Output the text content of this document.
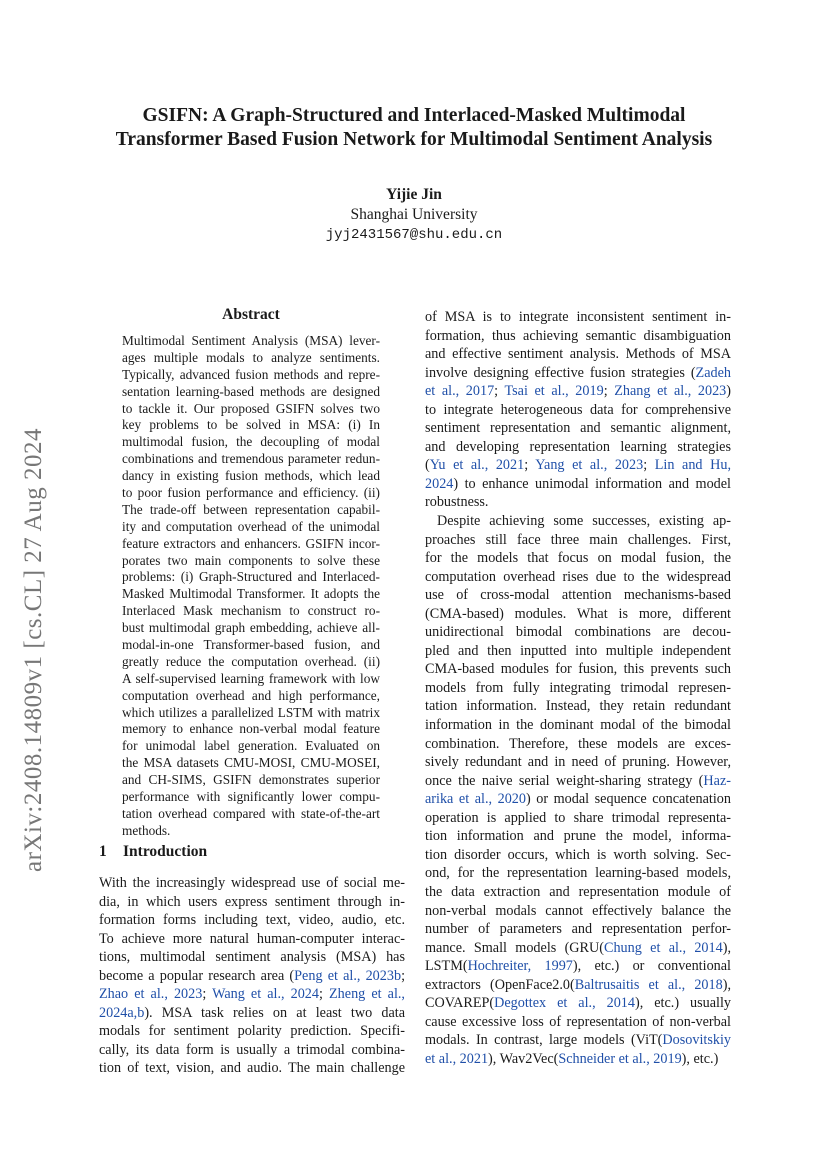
GSIFN: A Graph-Structured and Interlaced-Masked Multimodal
Transformer Based Fusion Network for Multimodal Sentiment Analysis
Yijie Jin
Shanghai University
jyj2431567@shu.edu.cn
arXiv:2408.14809v1 [cs.CL] 27 Aug 2024
Abstract
Multimodal Sentiment Analysis (MSA) lever-
ages multiple modals to analyze sentiments.
Typically, advanced fusion methods and repre-
sentation learning-based methods are designed
to tackle it. Our proposed GSIFN solves two
key problems to be solved in MSA: (i) In
multimodal fusion, the decoupling of modal
combinations and tremendous parameter redun-
dancy in existing fusion methods, which lead
to poor fusion performance and efficiency. (ii)
The trade-off between representation capabil-
ity and computation overhead of the unimodal
feature extractors and enhancers. GSIFN incor-
porates two main components to solve these
problems: (i) Graph-Structured and Interlaced-
Masked Multimodal Transformer. It adopts the
Interlaced Mask mechanism to construct ro-
bust multimodal graph embedding, achieve all-
modal-in-one Transformer-based fusion, and
greatly reduce the computation overhead. (ii)
A self-supervised learning framework with low
computation overhead and high performance,
which utilizes a parallelized LSTM with matrix
memory to enhance non-verbal modal feature
for unimodal label generation. Evaluated on
the MSA datasets CMU-MOSI, CMU-MOSEI,
and CH-SIMS, GSIFN demonstrates superior
performance with significantly lower compu-
tation overhead compared with state-of-the-art
methods.
1 Introduction
With the increasingly widespread use of social me-
dia, in which users express sentiment through in-
formation forms including text, video, audio, etc.
To achieve more natural human-computer interac-
tions, multimodal sentiment analysis (MSA) has
become a popular research area (Peng et al., 2023b;
Zhao et al., 2023; Wang et al., 2024; Zheng et al.,
2024a,b). MSA task relies on at least two data
modals for sentiment polarity prediction. Specifi-
cally, its data form is usually a trimodal combina-
tion of text, vision, and audio. The main challenge
of MSA is to integrate inconsistent sentiment in-
formation, thus achieving semantic disambiguation
and effective sentiment analysis. Methods of MSA
involve designing effective fusion strategies (Zadeh
et al., 2017; Tsai et al., 2019; Zhang et al., 2023)
to integrate heterogeneous data for comprehensive
sentiment representation and semantic alignment,
and developing representation learning strategies
(Yu et al., 2021; Yang et al., 2023; Lin and Hu,
2024) to enhance unimodal information and model
robustness.
Despite achieving some successes, existing ap-
proaches still face three main challenges. First,
for the models that focus on modal fusion, the
computation overhead rises due to the widespread
use of cross-modal attention mechanisms-based
(CMA-based) modules. What is more, different
unidirectional bimodal combinations are decou-
pled and then inputted into multiple independent
CMA-based modules for fusion, this prevents such
models from fully integrating trimodal represen-
tation information. Instead, they retain redundant
information in the dominant modal of the bimodal
combination. Therefore, these models are exces-
sively redundant and in need of pruning. However,
once the naive serial weight-sharing strategy (Haz-
arika et al., 2020) or modal sequence concatenation
operation is applied to share trimodal representa-
tion information and prune the model, informa-
tion disorder occurs, which is worth solving. Sec-
ond, for the representation learning-based models,
the data extraction and representation module of
non-verbal modals cannot effectively balance the
number of parameters and representation perfor-
mance. Small models (GRU(Chung et al., 2014),
LSTM(Hochreiter, 1997), etc.) or conventional
extractors (OpenFace2.0(Baltrusaitis et al., 2018),
COVAREP(Degottex et al., 2014), etc.) usually
cause excessive loss of representation of non-verbal
modals. In contrast, large models (ViT(Dosovitskiy
et al., 2021), Wav2Vec(Schneider et al., 2019), etc.)
